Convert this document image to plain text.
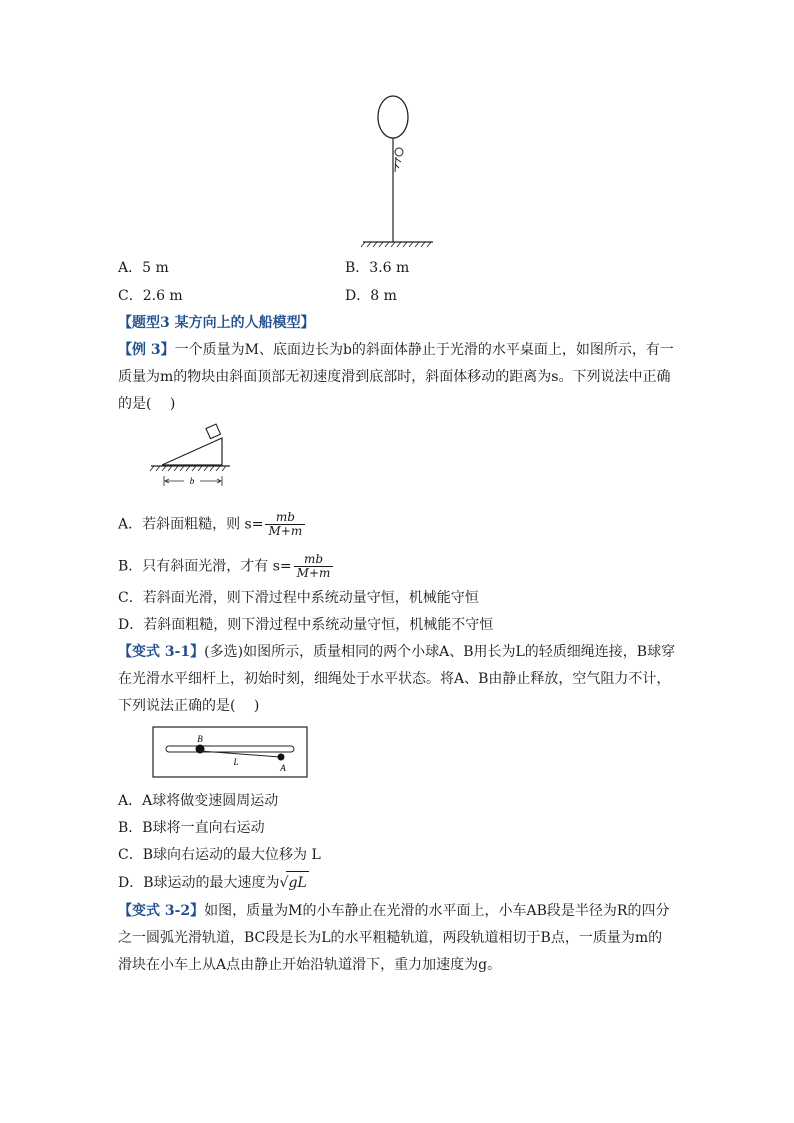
A．5 m	B．3.6 m
C．2.6 m	D．8 m
【题型3 某方向上的人船模型】
【例 3】一个质量为M、底面边长为b的斜面体静止于光滑的水平桌面上，如图所示，有一
质量为m的物块由斜面顶部无初速度滑到底部时，斜面体移动的距离为s。下列说法中正确
的是(　 )
b
A．若斜面粗糙，则 $s= \frac{mb}{M+m}$
B．只有斜面光滑，才有 $s= \frac{mb}{M+m}$
C．若斜面光滑，则下滑过程中系统动量守恒，机械能守恒
D．若斜面粗糙，则下滑过程中系统动量守恒，机械能不守恒
【变式 3-1】(多选)如图所示，质量相同的两个小球A、B用长为L的轻质细绳连接，B球穿
在光滑水平细杆上，初始时刻，细绳处于水平状态。将A、B由静止释放，空气阻力不计，
下列说法正确的是(　 )
B
L
A
A．A球将做变速圆周运动
B．B球将一直向右运动
C．B球向右运动的最大位移为 L
D．B球运动的最大速度为√gL
【变式 3-2】如图，质量为M的小车静止在光滑的水平面上，小车AB段是半径为R的四分
之一圆弧光滑轨道，BC段是长为L的水平粗糙轨道，两段轨道相切于B点，一质量为m的
滑块在小车上从A点由静止开始沿轨道滑下，重力加速度为g。
